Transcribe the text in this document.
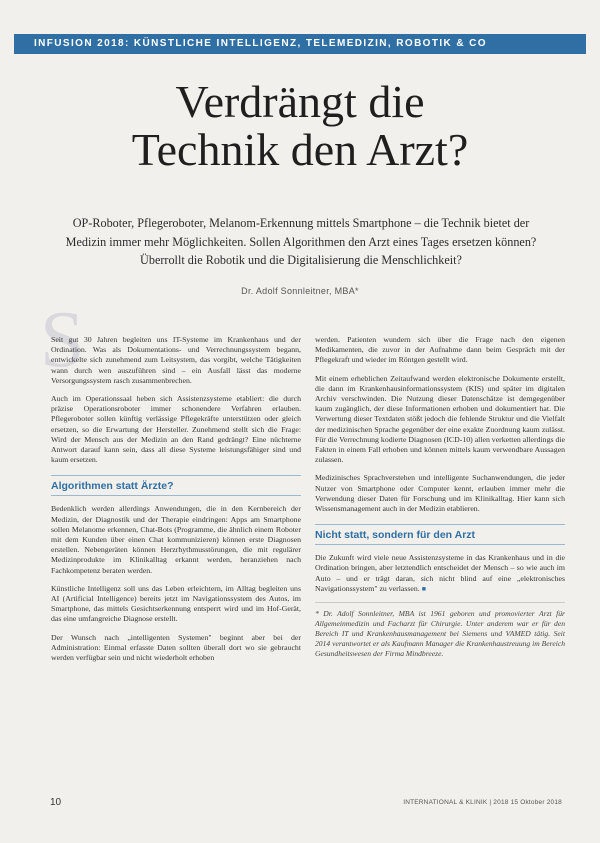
INFUSION 2018: KÜNSTLICHE INTELLIGENZ, TELEMEDIZIN, ROBOTIK & CO
Verdrängt die
Technik den Arzt?
OP-Roboter, Pflegeroboter, Melanom-Erkennung mittels Smartphone – die Technik bietet der Medizin immer mehr Möglichkeiten. Sollen Algorithmen den Arzt eines Tages ersetzen können? Überrollt die Robotik und die Digitalisierung die Menschlichkeit?
Dr. Adolf Sonnleitner, MBA*
S

Seit gut 30 Jahren begleiten uns IT-Systeme im Krankenhaus und der Ordination. Was als Dokumentations- und Verrechnungssystem begann, entwickelte sich zunehmend zum Leitsystem, das vorgibt, welche Tätigkeiten wann durch wen auszuführen sind – ein Ausfall lässt das moderne Versorgungssystem rasch zusammenbrechen.

Auch im Operationssaal heben sich Assistenzsysteme etabliert: die durch präzise Operationsroboter immer schonendere Verfahren erlauben. Pflegeroboter sollen künftig verlässige Pflegekräfte unterstützen oder gleich ersetzen, so die Erwartung der Hersteller. Zunehmend stellt sich die Frage: Wird der Mensch aus der Medizin an den Rand gedrängt? Eine nüchterne Antwort darauf kann sein, dass all diese Systeme leistungsfähiger sind und kaum ersetzen.

Algorithmen statt Ärzte?

Bedenklich werden allerdings Anwendungen, die in den Kernbereich der Medizin, der Diagnostik und der Therapie eindringen: Apps am Smartphone sollen Melanome erkennen, Chat-Bots (Programme, die ähnlich einem Roboter mit dem Kunden über einen Chat kommunizieren) können erste Diagnosen erstellen. Nebengeräten können Herzrhythmusstörungen, die mit regulärer Medizinprodukte im Klinikalltag erkannt werden, heranziehen nach Fachkompetenz beraten werden.

Künstliche Intelligenz soll uns das Leben erleichtern, im Alltag begleiten uns AI (Artificial Intelligence) bereits jetzt im Navigationssystem des Autos, im Smartphone, das mittels Gesichtserkennung entsperrt wird und im Hof-Gerät, das eine umfangreiche Diagnose erstellt.

Der Wunsch nach „intelligenten Systemen" beginnt aber bei der Administration: Einmal erfasste Daten sollten überall dort wo sie gebraucht werden verfügbar sein und nicht wiederholt erhoben

werden. Patienten wundern sich über die Frage nach den eigenen Medikamenten, die zuvor in der Aufnahme dann beim Gespräch mit der Pflegekraft und wieder im Röntgen gestellt wird.

Mit einem erheblichen Zeitaufwand werden elektronische Dokumente erstellt, die dann im Krankenhausinformationssystem (KIS) und später im digitalen Archiv verschwinden. Die Nutzung dieser Datenschätze ist demgegenüber kaum zugänglich, der diese Informationen erhoben und dokumentiert hat. Die Verwertung dieser Textdaten stößt jedoch die fehlende Struktur und die Vielfalt der medizinischen Sprache gegenüber der eine exakte Zuordnung kaum zulässt. Für die Verrechnung kodierte Diagnosen (ICD-10) allen verketten allerdings die Fakten in einem Fall erhoben und können mittels kaum verwendbare Aussagen zulassen.

Medizinisches Sprachverstehen und intelligente Suchanwendungen, die jeder Nutzer von Smartphone oder Computer kennt, erlauben immer mehr die Verwendung dieser Daten für Forschung und im Klinikalltag. Hier kann sich Wissensmanagement auch in der Medizin etablieren.

Nicht statt, sondern für den Arzt

Die Zukunft wird viele neue Assistenzsysteme in das Krankenhaus und in die Ordination bringen, aber letztendlich entscheidet der Mensch – so wie auch im Auto – und er trägt daran, sich nicht blind auf eine „elektronisches Navigationssystem" zu verlassen. ■

* Dr. Adolf Sonnleitner, MBA ist 1961 geboren und promovierter Arzt für Allgemeinmedizin und Facharzt für Chirurgie. Unter anderem war er für den Bereich IT und Krankenhausmanagement bei Siemens und VAMED tätig. Seit 2014 verantwortet er als Kaufmann Manager die Krankenhaustreuung im Bereich Gesundheitswesen der Firma Mindbreeze.

10	INTERNATIONAL & KLINIK | 2018 15 Oktober 2018
